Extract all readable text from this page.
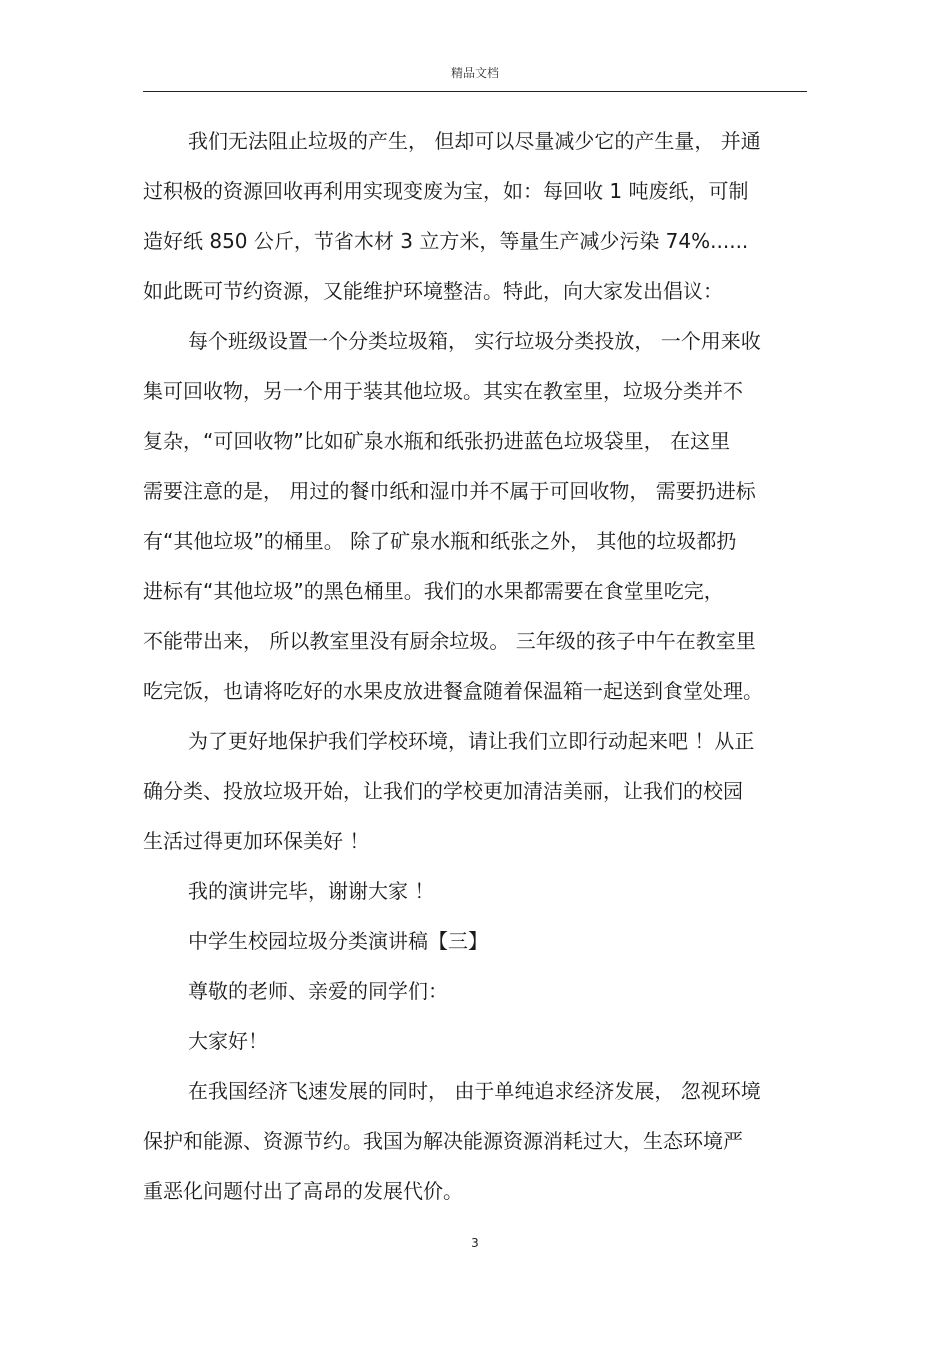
精品文档
我们无法阻止垃圾的产生， 但却可以尽量减少它的产生量， 并通
过积极的资源回收再利用实现变废为宝，如：每回收 1 吨废纸，可制
造好纸 850 公斤，节省木材 3 立方米，等量生产减少污染 74%......
如此既可节约资源，又能维护环境整洁。特此，向大家发出倡议：
每个班级设置一个分类垃圾箱， 实行垃圾分类投放， 一个用来收
集可回收物，另一个用于装其他垃圾。其实在教室里，垃圾分类并不
复杂，“可回收物”比如矿泉水瓶和纸张扔进蓝色垃圾袋里， 在这里
需要注意的是， 用过的餐巾纸和湿巾并不属于可回收物， 需要扔进标
有“其他垃圾”的桶里。 除了矿泉水瓶和纸张之外， 其他的垃圾都扔
进标有“其他垃圾”的黑色桶里。我们的水果都需要在食堂里吃完，
不能带出来， 所以教室里没有厨余垃圾。 三年级的孩子中午在教室里
吃完饭，也请将吃好的水果皮放进餐盒随着保温箱一起送到食堂处理。
为了更好地保护我们学校环境，请让我们立即行动起来吧 ！从正
确分类、投放垃圾开始，让我们的学校更加清洁美丽，让我们的校园
生活过得更加环保美好 ！
我的演讲完毕，谢谢大家 ！
中学生校园垃圾分类演讲稿【三】
尊敬的老师、亲爱的同学们：
大家好！
在我国经济飞速发展的同时， 由于单纯追求经济发展， 忽视环境
保护和能源、资源节约。我国为解决能源资源消耗过大，生态环境严
重恶化问题付出了高昂的发展代价。
3
